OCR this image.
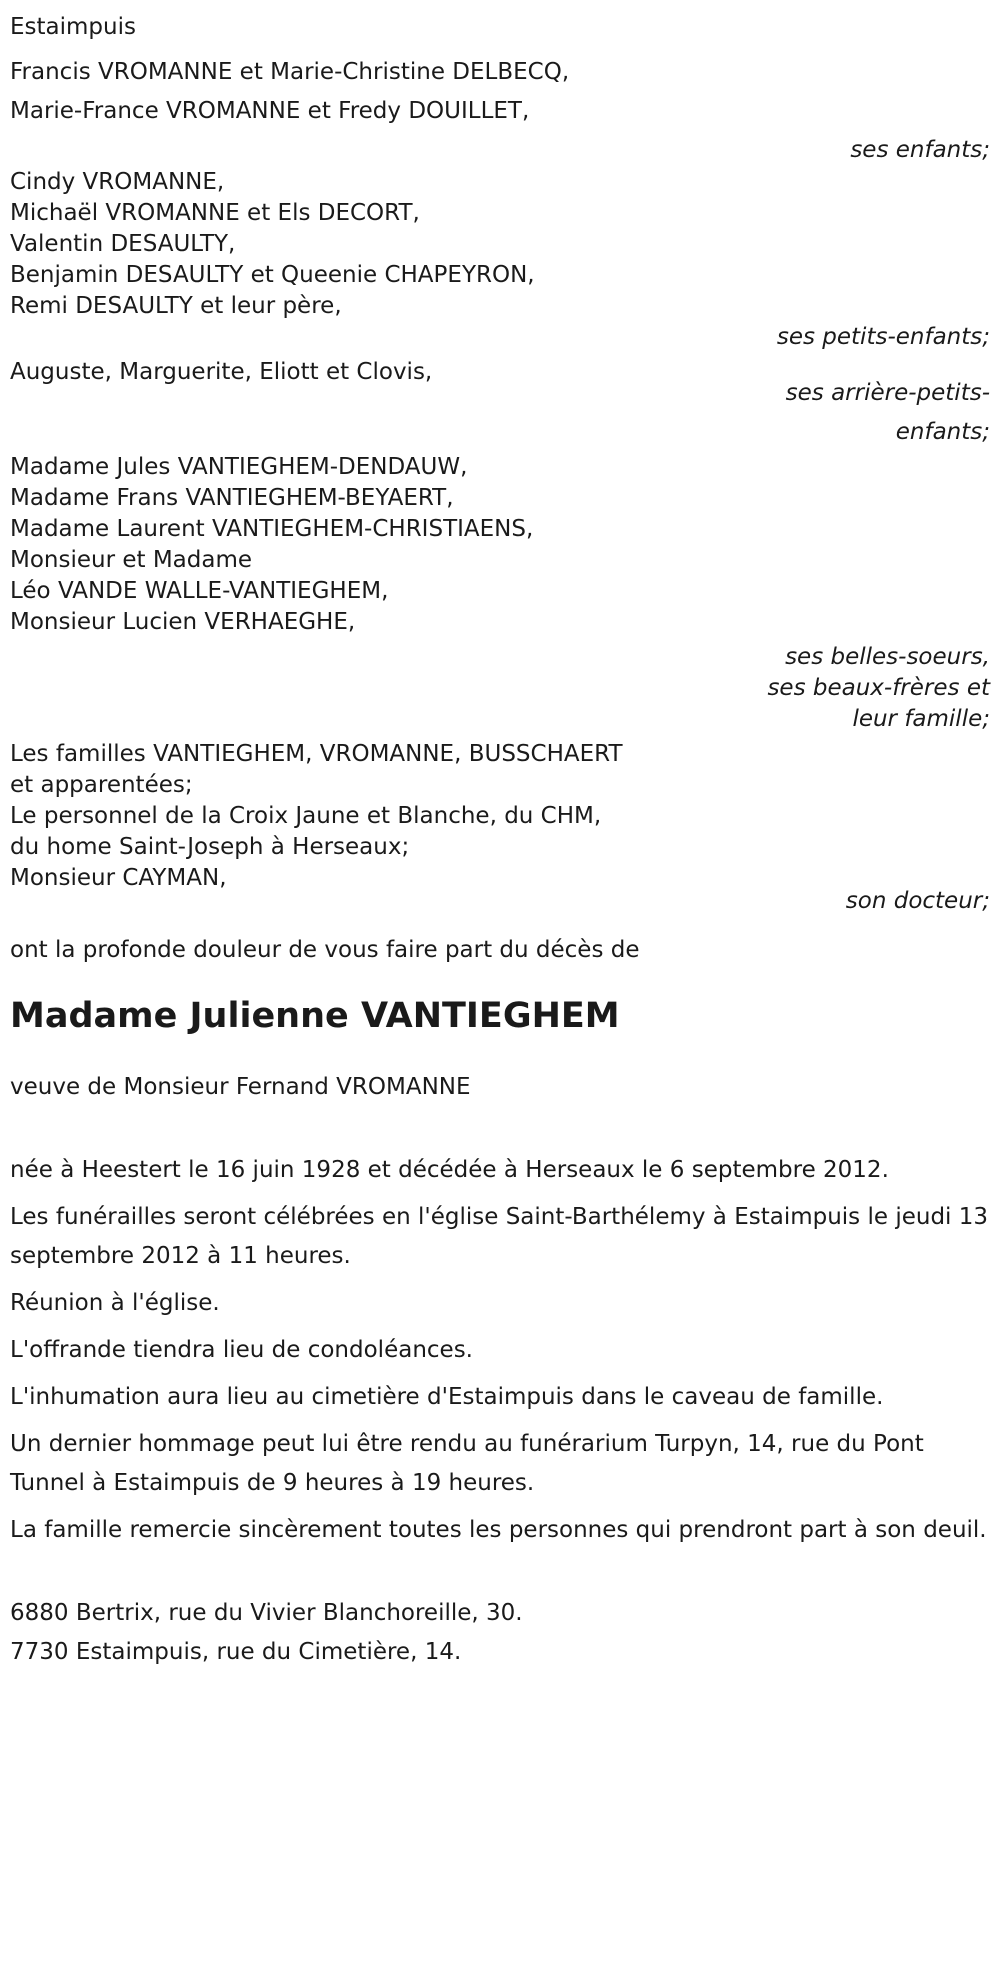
Estaimpuis
Francis VROMANNE et Marie-Christine DELBECQ,
Marie-France VROMANNE et Fredy DOUILLET,
ses enfants;
Cindy VROMANNE,
Michaël VROMANNE et Els DECORT,
Valentin DESAULTY,
Benjamin DESAULTY et Queenie CHAPEYRON,
Remi DESAULTY et leur père,
ses petits-enfants;
Auguste, Marguerite, Eliott et Clovis,
ses arrière-petits-
enfants;
Madame Jules VANTIEGHEM-DENDAUW,
Madame Frans VANTIEGHEM-BEYAERT,
Madame Laurent VANTIEGHEM-CHRISTIAENS,
Monsieur et Madame
Léo VANDE WALLE-VANTIEGHEM,
Monsieur Lucien VERHAEGHE,
ses belles-soeurs,
ses beaux-frères et
leur famille;
Les familles VANTIEGHEM, VROMANNE, BUSSCHAERT
et apparentées;
Le personnel de la Croix Jaune et Blanche, du CHM,
du home Saint-Joseph à Herseaux;
Monsieur CAYMAN,
son docteur;
ont la profonde douleur de vous faire part du décès de
Madame Julienne VANTIEGHEM
veuve de Monsieur Fernand VROMANNE
née à Heestert le 16 juin 1928 et décédée à Herseaux le 6 septembre 2012.
Les funérailles seront célébrées en l'église Saint-Barthélemy à Estaimpuis le jeudi 13 septembre 2012 à 11 heures.
Réunion à l'église.
L'offrande tiendra lieu de condoléances.
L'inhumation aura lieu au cimetière d'Estaimpuis dans le caveau de famille.
Un dernier hommage peut lui être rendu au funérarium Turpyn, 14, rue du Pont Tunnel à Estaimpuis de 9 heures à 19 heures.
La famille remercie sincèrement toutes les personnes qui prendront part à son deuil.
6880 Bertrix, rue du Vivier Blanchoreille, 30.
7730 Estaimpuis, rue du Cimetière, 14.
